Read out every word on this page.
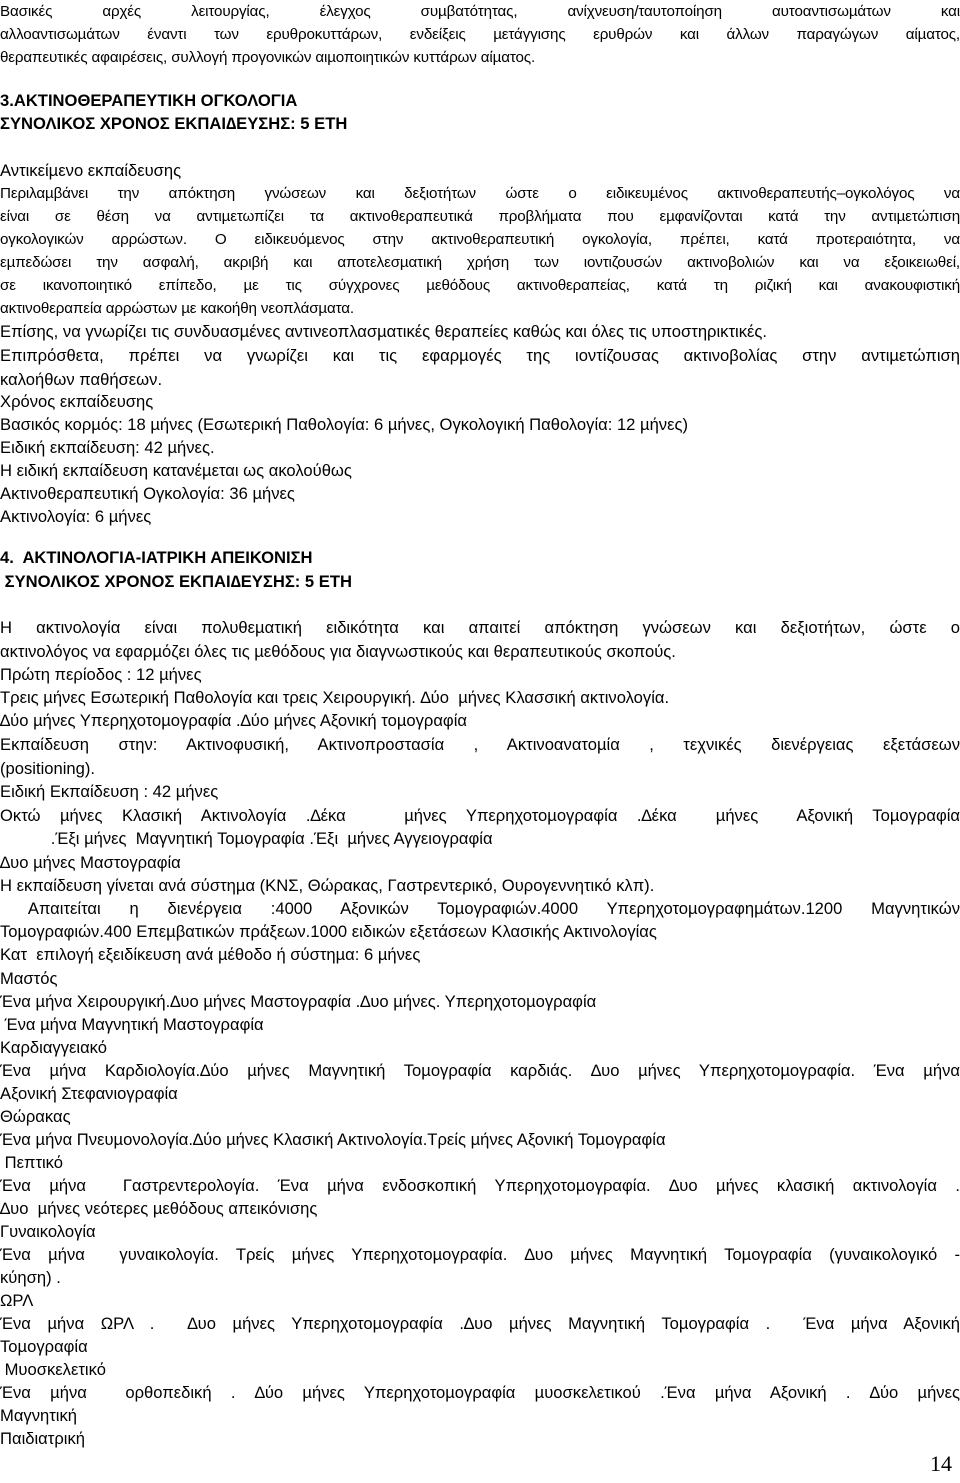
Βασικές αρχές λειτουργίας, έλεγχος συµβατότητας, ανίχνευση/ταυτοποίηση αυτοαντισωµάτων και
αλλοαντισωµάτων έναντι των ερυθροκυττάρων, ενδείξεις µετάγγισης ερυθρών και άλλων παραγώγων αίµατος,
θεραπευτικές αφαιρέσεις, συλλογή προγονικών αιµοποιητικών κυττάρων αίµατος.
3.ΑΚΤΙΝΟΘΕΡΑΠΕΥΤΙΚΗ ΟΓΚΟΛΟΓΙΑ
ΣΥΝΟΛΙΚΟΣ ΧΡΟΝΟΣ ΕΚΠΑΙ∆ΕΥΣΗΣ: 5 ΕΤΗ
Αντικείµενο εκπαίδευσης
Περιλαµβάνει την απόκτηση γνώσεων και δεξιοτήτων ώστε ο ειδικευµένος ακτινοθεραπευτής–ογκολόγος να
είναι σε θέση να αντιµετωπίζει τα ακτινοθεραπευτικά προβλήµατα που εµφανίζονται κατά την αντιµετώπιση
ογκολογικών αρρώστων. Ο ειδικευόµενος στην ακτινοθεραπευτική ογκολογία, πρέπει, κατά προτεραιότητα, να
εµπεδώσει την ασφαλή, ακριβή και αποτελεσµατική χρήση των ιοντιζουσών ακτινοβολιών και να εξοικειωθεί,
σε ικανοποιητικό επίπεδο, µε τις σύγχρονες µεθόδους ακτινοθεραπείας, κατά τη ριζική και ανακουφιστική
ακτινοθεραπεία αρρώστων µε κακοήθη νεοπλάσµατα.
Επίσης, να γνωρίζει τις συνδυασµένες αντινεοπλασµατικές θεραπείες καθώς και όλες τις υποστηρικτικές.
Επιπρόσθετα, πρέπει να γνωρίζει και τις εφαρµογές της ιοντίζουσας ακτινοβολίας στην αντιµετώπιση
καλοήθων παθήσεων.
Χρόνος εκπαίδευσης
Βασικός κορµός: 18 µήνες (Εσωτερική Παθολογία: 6 µήνες, Ογκολογική Παθολογία: 12 µήνες)
Ειδική εκπαίδευση: 42 µήνες.
Η ειδική εκπαίδευση κατανέµεται ως ακολούθως
Ακτινοθεραπευτική Ογκολογία: 36 µήνες
Ακτινολογία: 6 µήνες
4.  ΑΚΤΙΝΟΛΟΓΙΑ-ΙΑΤΡΙΚΗ ΑΠΕΙΚΟΝΙΣΗ
ΣΥΝΟΛΙΚΟΣ ΧΡΟΝΟΣ ΕΚΠΑΙ∆ΕΥΣΗΣ: 5 ΕΤΗ
Η ακτινολογία είναι πολυθεµατική ειδικότητα και απαιτεί απόκτηση γνώσεων και δεξιοτήτων, ώστε ο
ακτινολόγος να εφαρµόζει όλες τις µεθόδους για διαγνωστικούς και θεραπευτικούς σκοπούς.
Πρώτη περίοδος : 12 µήνες
Τρεις µήνες Εσωτερική Παθολογία και τρεις Χειρουργική. ∆ύο  µήνες Κλασσική ακτινολογία.
∆ύο µήνες Υπερηχοτοµογραφία .∆ύο µήνες Αξονική τοµογραφία
Εκπαίδευση στην: Ακτινοφυσική, Ακτινοπροστασία , Ακτινοανατοµία , τεχνικές διενέργειας εξετάσεων
(positioning).
Ειδική Εκπαίδευση : 42 µήνες
Οκτώ µήνες Κλασική Ακτινολογία .∆έκα   µήνες Υπερηχοτοµογραφία .∆έκα  µήνες  Αξονική Τοµογραφία
.Έξι µήνες  Μαγνητική Τοµογραφία .Έξι  µήνες Αγγειογραφία
∆υο µήνες Μαστογραφία
Η εκπαίδευση γίνεται ανά σύστηµα (ΚΝΣ, Θώρακας, Γαστρεντερικό, Ουρογεννητικό κλπ).
Απαιτείται η διενέργεια :4000 Αξονικών Τοµογραφιών.4000 Υπερηχοτοµογραφηµάτων.1200 Μαγνητικών
Τοµογραφιών.400 Επεµβατικών πράξεων.1000 ειδικών εξετάσεων Κλασικής Ακτινολογίας
Κατ  επιλογή εξειδίκευση ανά µέθοδο ή σύστηµα: 6 µήνες
Μαστός
Ένα µήνα Χειρουργική.∆υο µήνες Μαστογραφία .∆υο µήνες. Υπερηχοτοµογραφία
Ένα µήνα Μαγνητική Μαστογραφία
Καρδιαγγειακό
Ένα µήνα Καρδιολογία.∆ύο µήνες Μαγνητική Τοµογραφία καρδιάς. ∆υο µήνες Υπερηχοτοµογραφία. Ένα µήνα
Αξονική Στεφανιογραφία
Θώρακας
Ένα µήνα Πνευµονολογία.∆ύο µήνες Κλασική Ακτινολογία.Τρείς µήνες Αξονική Τοµογραφία
Πεπτικό
Ένα µήνα  Γαστρεντερολογία. Ένα µήνα ενδοσκοπική Υπερηχοτοµογραφία. ∆υο µήνες κλασική ακτινολογία .
∆υο  µήνες νεότερες µεθόδους απεικόνισης
Γυναικολογία
Ένα µήνα  γυναικολογία. Τρείς µήνες Υπερηχοτοµογραφία. ∆υο µήνες Μαγνητική Τοµογραφία (γυναικολογικό -
κύηση) .
ΩΡΛ
Ένα µήνα ΩΡΛ .  ∆υο µήνες Υπερηχοτοµογραφία .∆υο µήνες Μαγνητική Τοµογραφία .  Ένα µήνα Αξονική
Τοµογραφία
Μυοσκελετικό
Ένα µήνα  ορθοπεδική . ∆ύο µήνες Υπερηχοτοµογραφία µυοσκελετικού .Ένα µήνα Αξονική . ∆ύο µήνες
Μαγνητική
Παιδιατρική
14
